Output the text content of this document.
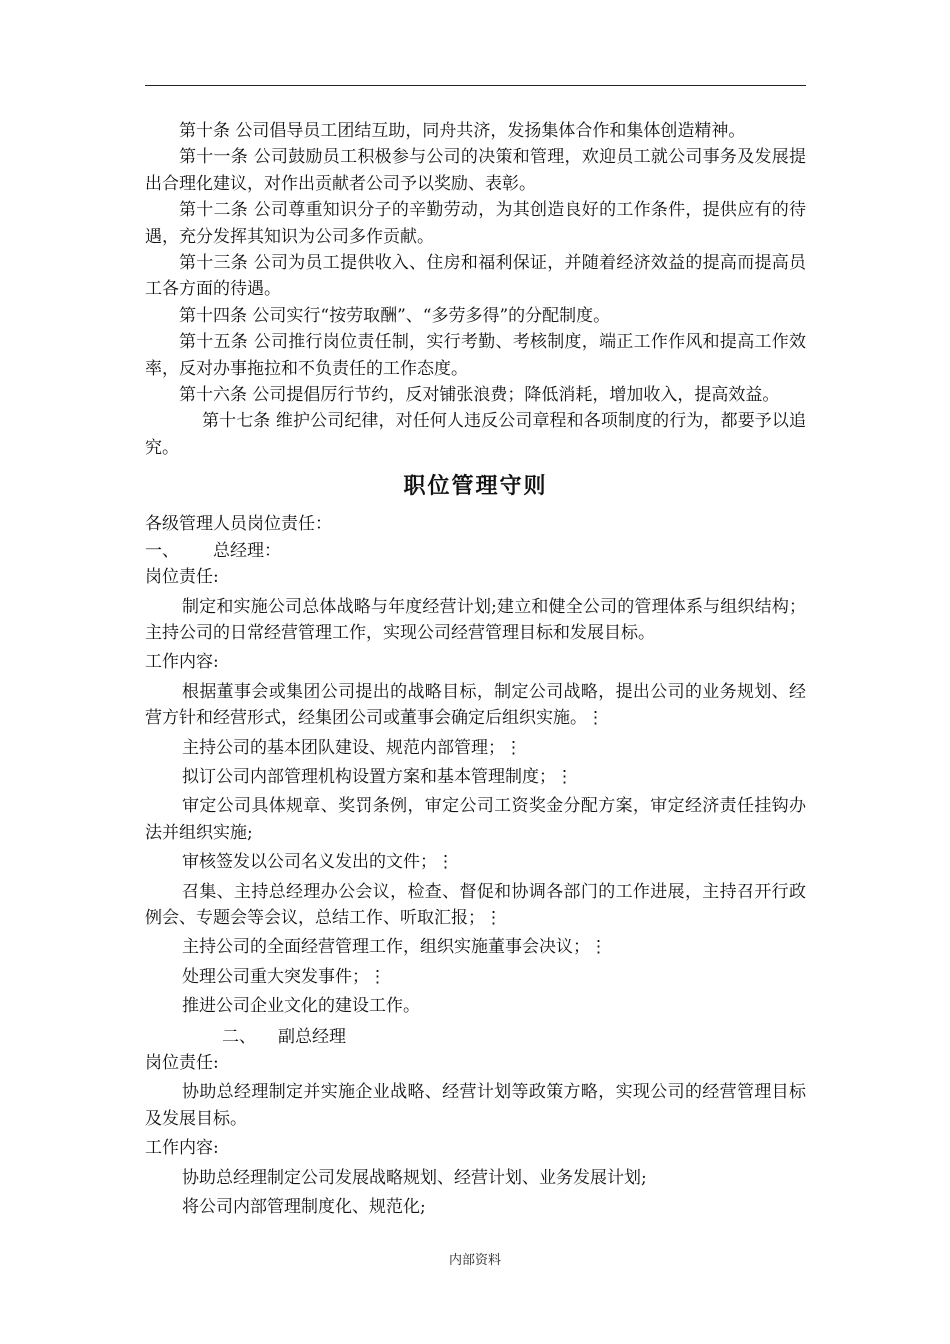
第十条 公司倡导员工团结互助，同舟共济，发扬集体合作和集体创造精神。

第十一条 公司鼓励员工积极参与公司的决策和管理，欢迎员工就公司事务及发展提出合理化建议，对作出贡献者公司予以奖励、表彰。

第十二条 公司尊重知识分子的辛勤劳动，为其创造良好的工作条件，提供应有的待遇，充分发挥其知识为公司多作贡献。

第十三条 公司为员工提供收入、住房和福利保证，并随着经济效益的提高而提高员工各方面的待遇。

第十四条 公司实行“按劳取酬”、“多劳多得”的分配制度。

第十五条 公司推行岗位责任制，实行考勤、考核制度，端正工作作风和提高工作效率，反对办事拖拉和不负责任的工作态度。

第十六条 公司提倡厉行节约，反对铺张浪费；降低消耗，增加收入，提高效益。

第十七条 维护公司纪律，对任何人违反公司章程和各项制度的行为，都要予以追究。

职位管理守则

各级管理人员岗位责任：

一、 总经理：

岗位责任:

制定和实施公司总体战略与年度经营计划;建立和健全公司的管理体系与组织结构；主持公司的日常经营管理工作，实现公司经营管理目标和发展目标。

工作内容:

根据董事会或集团公司提出的战略目标，制定公司战略，提出公司的业务规划、经营方针和经营形式，经集团公司或董事会确定后组织实施。⋮

主持公司的基本团队建设、规范内部管理；⋮

拟订公司内部管理机构设置方案和基本管理制度；⋮

审定公司具体规章、奖罚条例，审定公司工资奖金分配方案，审定经济责任挂钩办法并组织实施;

审核签发以公司名义发出的文件；⋮

召集、主持总经理办公会议，检查、督促和协调各部门的工作进展，主持召开行政例会、专题会等会议，总结工作、听取汇报；⋮

主持公司的全面经营管理工作，组织实施董事会决议；⋮

处理公司重大突发事件；⋮

推进公司企业文化的建设工作。

二、 副总经理

岗位责任:

协助总经理制定并实施企业战略、经营计划等政策方略，实现公司的经营管理目标及发展目标。

工作内容:

协助总经理制定公司发展战略规划、经营计划、业务发展计划;

将公司内部管理制度化、规范化;

内部资料
